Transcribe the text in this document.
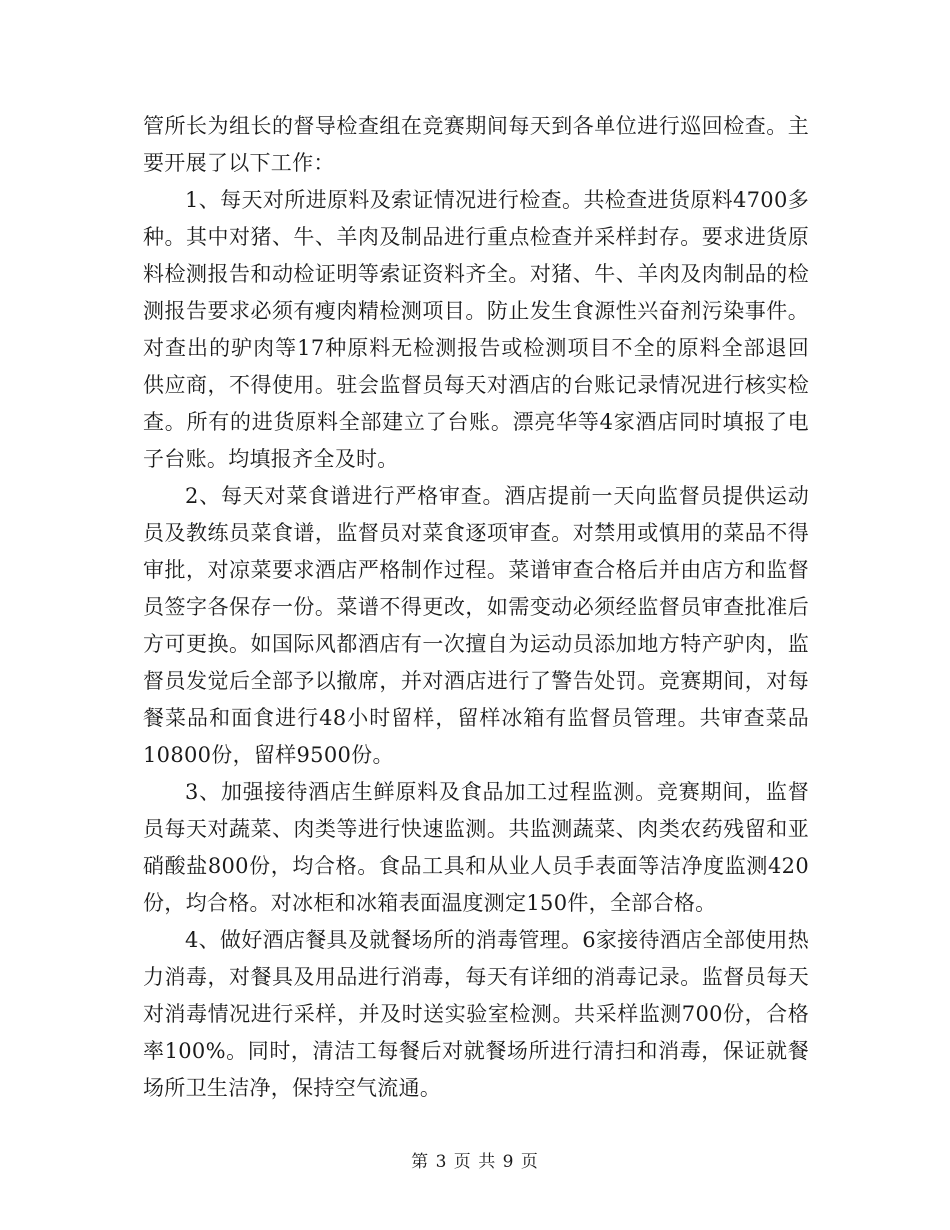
管所长为组长的督导检查组在竞赛期间每天到各单位进行巡回检查。主要开展了以下工作：

1、每天对所进原料及索证情况进行检查。共检查进货原料4700多种。其中对猪、牛、羊肉及制品进行重点检查并采样封存。要求进货原料检测报告和动检证明等索证资料齐全。对猪、牛、羊肉及肉制品的检测报告要求必须有瘦肉精检测项目。防止发生食源性兴奋剂污染事件。对查出的驴肉等17种原料无检测报告或检测项目不全的原料全部退回供应商，不得使用。驻会监督员每天对酒店的台账记录情况进行核实检查。所有的进货原料全部建立了台账。漂亮华等4家酒店同时填报了电子台账。均填报齐全及时。

2、每天对菜食谱进行严格审查。酒店提前一天向监督员提供运动员及教练员菜食谱，监督员对菜食逐项审查。对禁用或慎用的菜品不得审批，对凉菜要求酒店严格制作过程。菜谱审查合格后并由店方和监督员签字各保存一份。菜谱不得更改，如需变动必须经监督员审查批准后方可更换。如国际风都酒店有一次擅自为运动员添加地方特产驴肉，监督员发觉后全部予以撤席，并对酒店进行了警告处罚。竞赛期间，对每餐菜品和面食进行48小时留样，留样冰箱有监督员管理。共审查菜品10800份，留样9500份。

3、加强接待酒店生鲜原料及食品加工过程监测。竞赛期间，监督员每天对蔬菜、肉类等进行快速监测。共监测蔬菜、肉类农药残留和亚硝酸盐800份，均合格。食品工具和从业人员手表面等洁净度监测420份，均合格。对冰柜和冰箱表面温度测定150件，全部合格。

4、做好酒店餐具及就餐场所的消毒管理。6家接待酒店全部使用热力消毒，对餐具及用品进行消毒，每天有详细的消毒记录。监督员每天对消毒情况进行采样，并及时送实验室检测。共采样监测700份，合格率100%。同时，清洁工每餐后对就餐场所进行清扫和消毒，保证就餐场所卫生洁净，保持空气流通。

第 3 页 共 9 页
